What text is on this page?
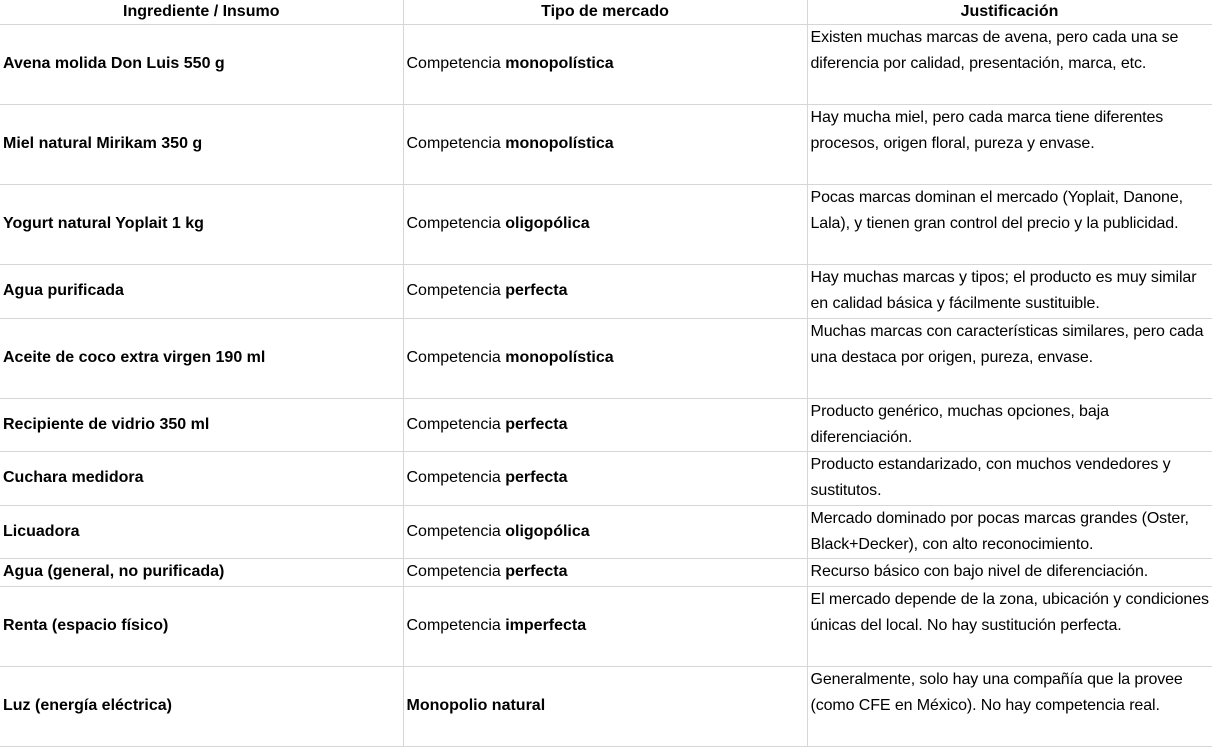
Ingrediente / Insumo	Tipo de mercado	Justificación
Avena molida Don Luis 550 g	Competencia monopolística	Existen muchas marcas de avena, pero cada una se diferencia por calidad, presentación, marca, etc.
Miel natural Mirikam 350 g	Competencia monopolística	Hay mucha miel, pero cada marca tiene diferentes procesos, origen floral, pureza y envase.
Yogurt natural Yoplait 1 kg	Competencia oligopólica	Pocas marcas dominan el mercado (Yoplait, Danone, Lala), y tienen gran control del precio y la publicidad.
Agua purificada	Competencia perfecta	Hay muchas marcas y tipos; el producto es muy similar en calidad básica y fácilmente sustituible.
Aceite de coco extra virgen 190 ml	Competencia monopolística	Muchas marcas con características similares, pero cada una destaca por origen, pureza, envase.
Recipiente de vidrio 350 ml	Competencia perfecta	Producto genérico, muchas opciones, baja diferenciación.
Cuchara medidora	Competencia perfecta	Producto estandarizado, con muchos vendedores y sustitutos.
Licuadora	Competencia oligopólica	Mercado dominado por pocas marcas grandes (Oster, Black+Decker), con alto reconocimiento.
Agua (general, no purificada)	Competencia perfecta	Recurso básico con bajo nivel de diferenciación.
Renta (espacio físico)	Competencia imperfecta	El mercado depende de la zona, ubicación y condiciones únicas del local. No hay sustitución perfecta.
Luz (energía eléctrica)	Monopolio natural	Generalmente, solo hay una compañía que la provee (como CFE en México). No hay competencia real.
